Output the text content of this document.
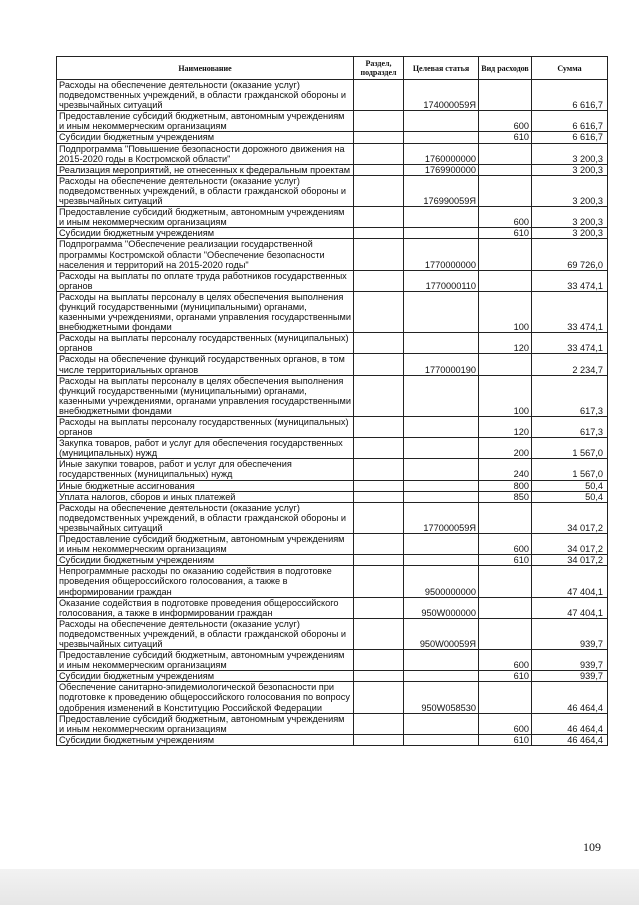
Наименование	Раздел, подраздел	Целевая статья	Вид расходов	Сумма
Расходы на обеспечение деятельности (оказание услуг) подведомственных учреждений, в области гражданской обороны и чрезвычайных ситуаций		174000059Я		6 616,7
Предоставление субсидий бюджетным, автономным учреждениям и иным некоммерческим организациям			600	6 616,7
Субсидии бюджетным учреждениям			610	6 616,7
Подпрограмма "Повышение безопасности дорожного движения на 2015-2020 годы в Костромской области"		1760000000		3 200,3
Реализация мероприятий, не отнесенных к федеральным проектам		1769900000		3 200,3
Расходы на обеспечение деятельности (оказание услуг) подведомственных учреждений, в области гражданской обороны и чрезвычайных ситуаций		176990059Я		3 200,3
Предоставление субсидий бюджетным, автономным учреждениям и иным некоммерческим организациям			600	3 200,3
Субсидии бюджетным учреждениям			610	3 200,3
Подпрограмма "Обеспечение реализации государственной программы Костромской области "Обеспечение безопасности населения и территорий на 2015-2020 годы"		1770000000		69 726,0
Расходы на выплаты по оплате труда работников государственных органов		1770000110		33 474,1
Расходы на выплаты персоналу в целях обеспечения выполнения функций государственными (муниципальными) органами, казенными учреждениями, органами управления государственными внебюджетными фондами			100	33 474,1
Расходы на выплаты персоналу государственных (муниципальных) органов			120	33 474,1
Расходы на обеспечение функций государственных органов, в том числе территориальных органов		1770000190		2 234,7
Расходы на выплаты персоналу в целях обеспечения выполнения функций государственными (муниципальными) органами, казенными учреждениями, органами управления государственными внебюджетными фондами			100	617,3
Расходы на выплаты персоналу государственных (муниципальных) органов			120	617,3
Закупка товаров, работ и услуг для обеспечения государственных (муниципальных) нужд			200	1 567,0
Иные закупки товаров, работ и услуг для обеспечения государственных (муниципальных) нужд			240	1 567,0
Иные бюджетные ассигнования			800	50,4
Уплата налогов, сборов и иных платежей			850	50,4
Расходы на обеспечение деятельности (оказание услуг) подведомственных учреждений, в области гражданской обороны и чрезвычайных ситуаций		177000059Я		34 017,2
Предоставление субсидий бюджетным, автономным учреждениям и иным некоммерческим организациям			600	34 017,2
Субсидии бюджетным учреждениям			610	34 017,2
Непрограммные расходы по оказанию содействия в подготовке проведения общероссийского голосования, а также в информировании граждан		9500000000		47 404,1
Оказание содействия в подготовке проведения общероссийского голосования, а также в информировании граждан		950W000000		47 404,1
Расходы на обеспечение деятельности (оказание услуг) подведомственных учреждений, в области гражданской обороны и чрезвычайных ситуаций		950W00059Я		939,7
Предоставление субсидий бюджетным, автономным учреждениям и иным некоммерческим организациям			600	939,7
Субсидии бюджетным учреждениям			610	939,7
Обеспечение санитарно-эпидемиологической безопасности при подготовке к проведению общероссийского голосования по вопросу одобрения изменений в Конституцию Российской Федерации		950W058530		46 464,4
Предоставление субсидий бюджетным, автономным учреждениям и иным некоммерческим организациям			600	46 464,4
Субсидии бюджетным учреждениям			610	46 464,4
109
